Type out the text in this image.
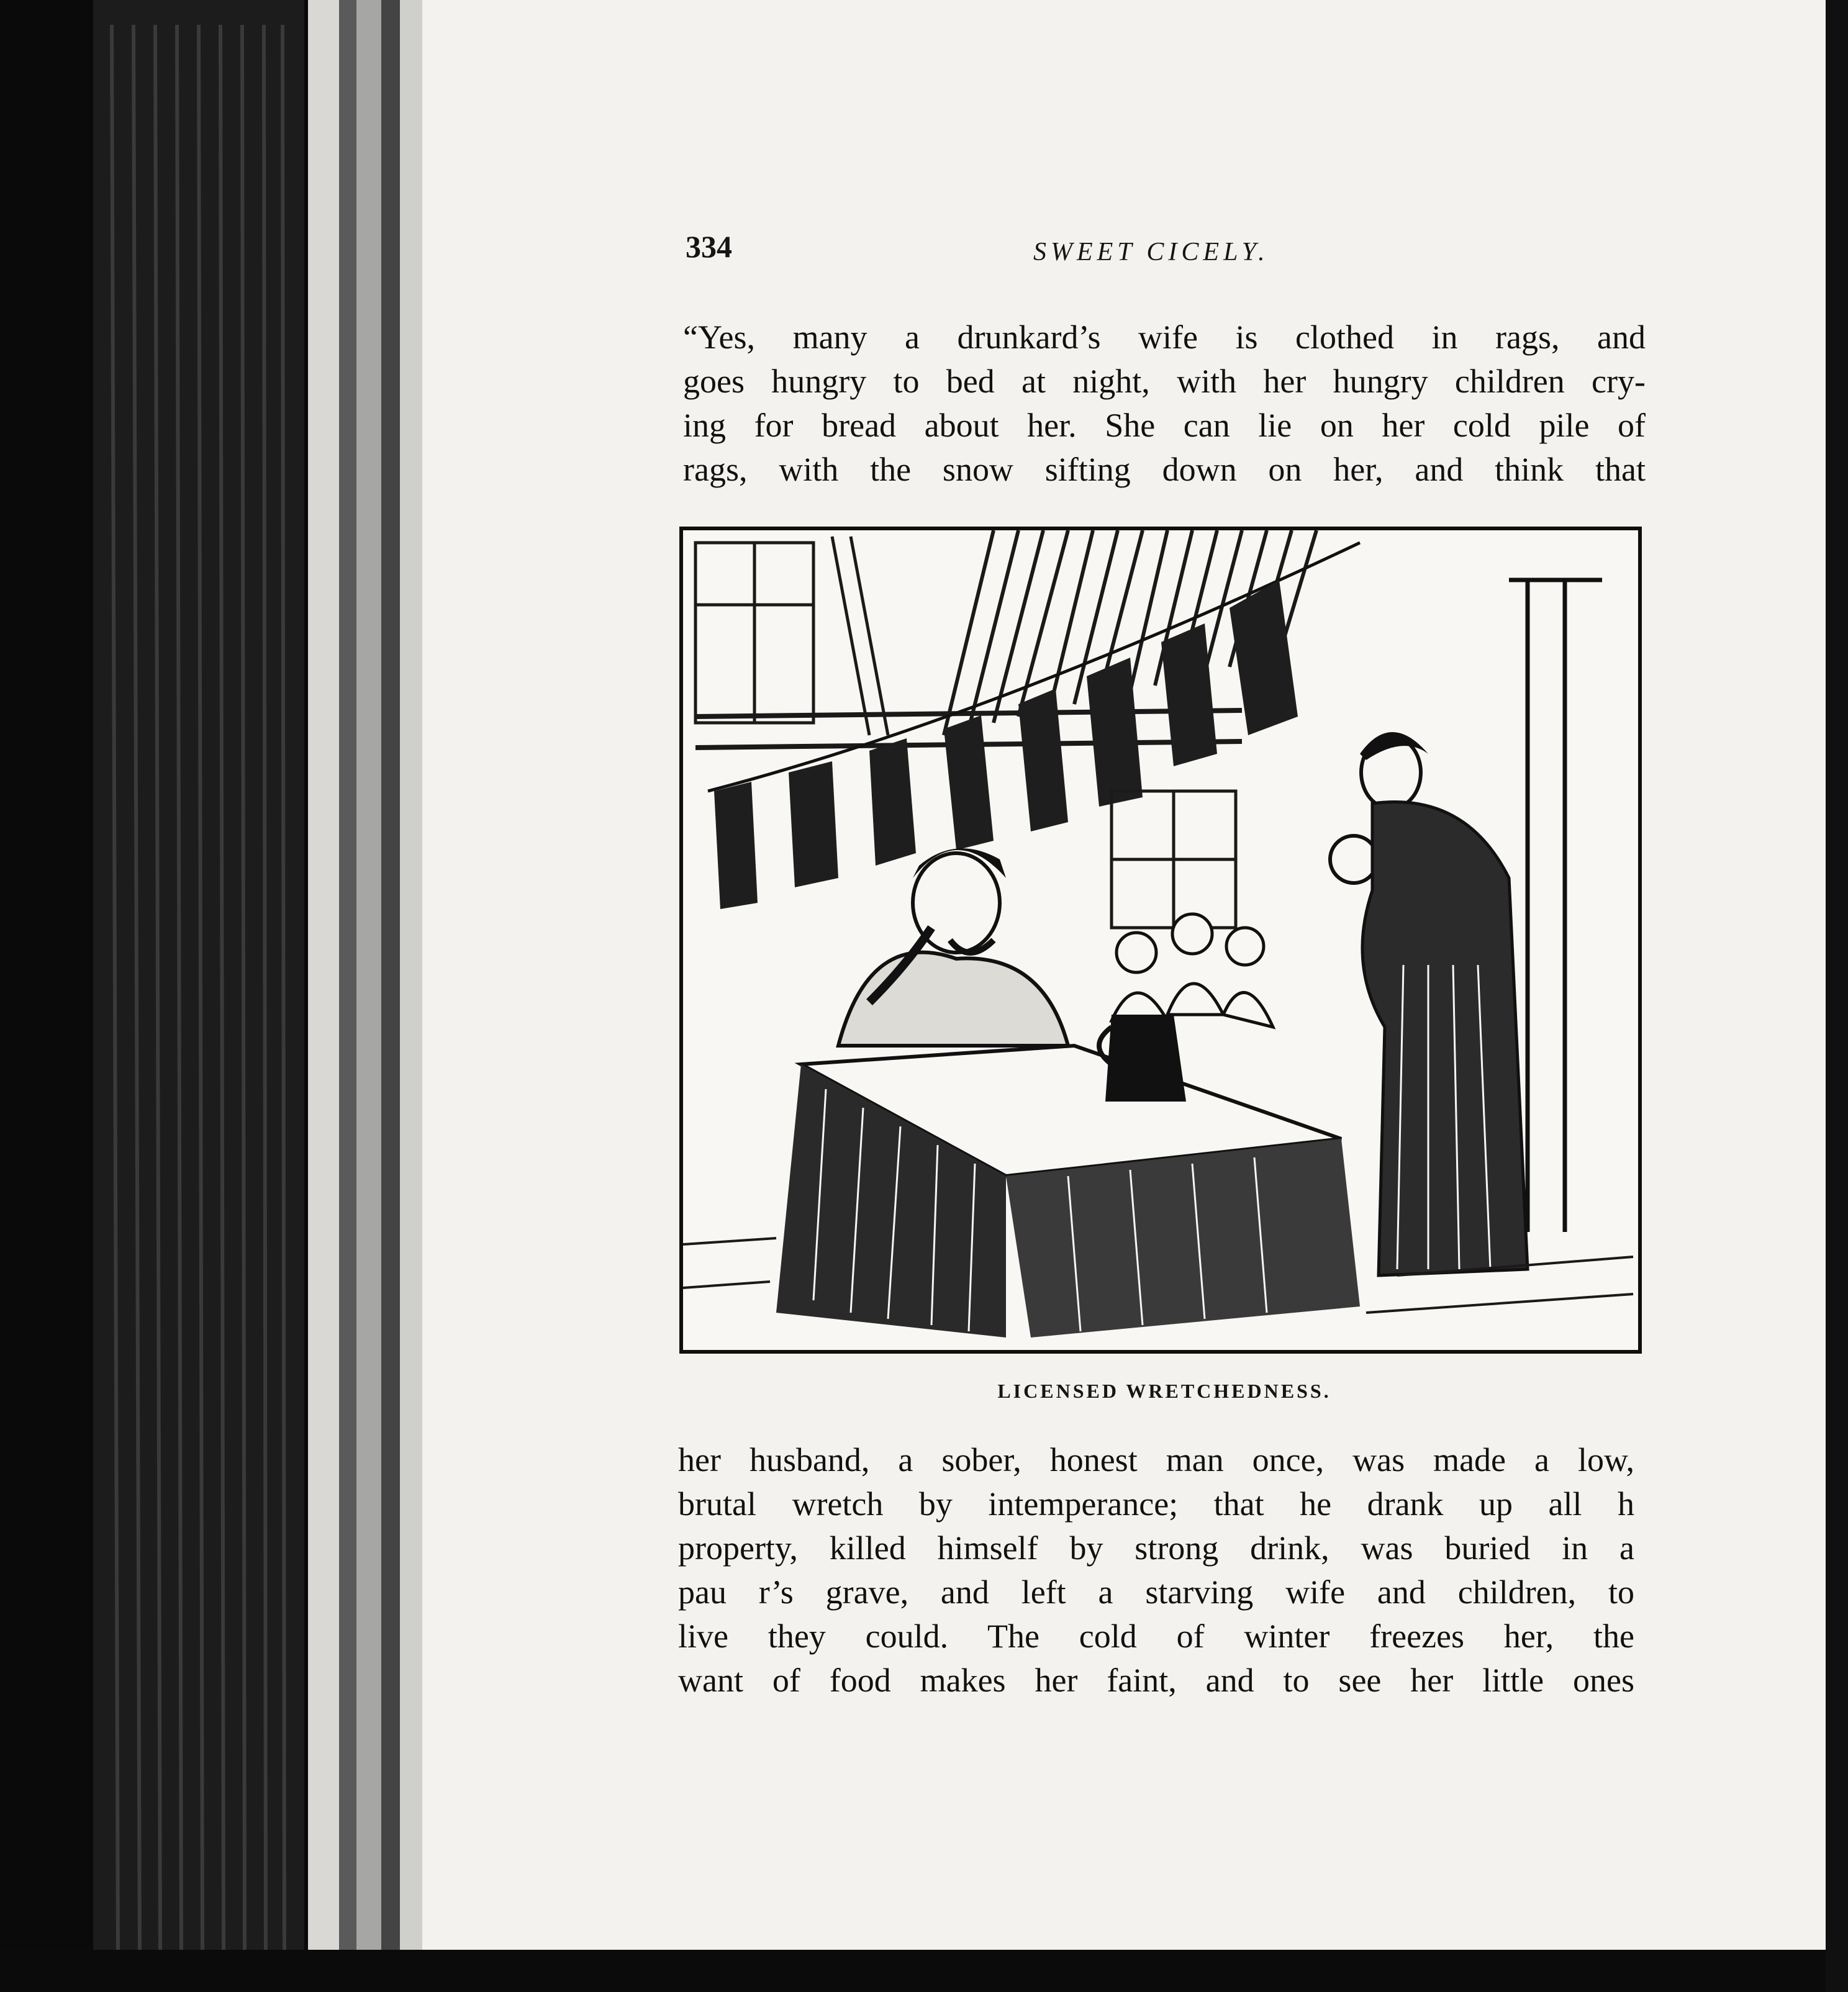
334	SWEET CICELY.
“Yes, many a drunkard’s wife is clothed in rags, and
goes hungry to bed at night, with her hungry children cry-
ing for bread about her. She can lie on her cold pile of
rags, with the snow sifting down on her, and think that
LICENSED WRETCHEDNESS.
her husband, a sober, honest man once, was made a low,
brutal wretch by intemperance; that he drank up all h
property, killed himself by strong drink, was buried in a
pau r’s grave, and left a starving wife and children, to
live they could. The cold of winter freezes her, the
want of food makes her faint, and to see her little ones
